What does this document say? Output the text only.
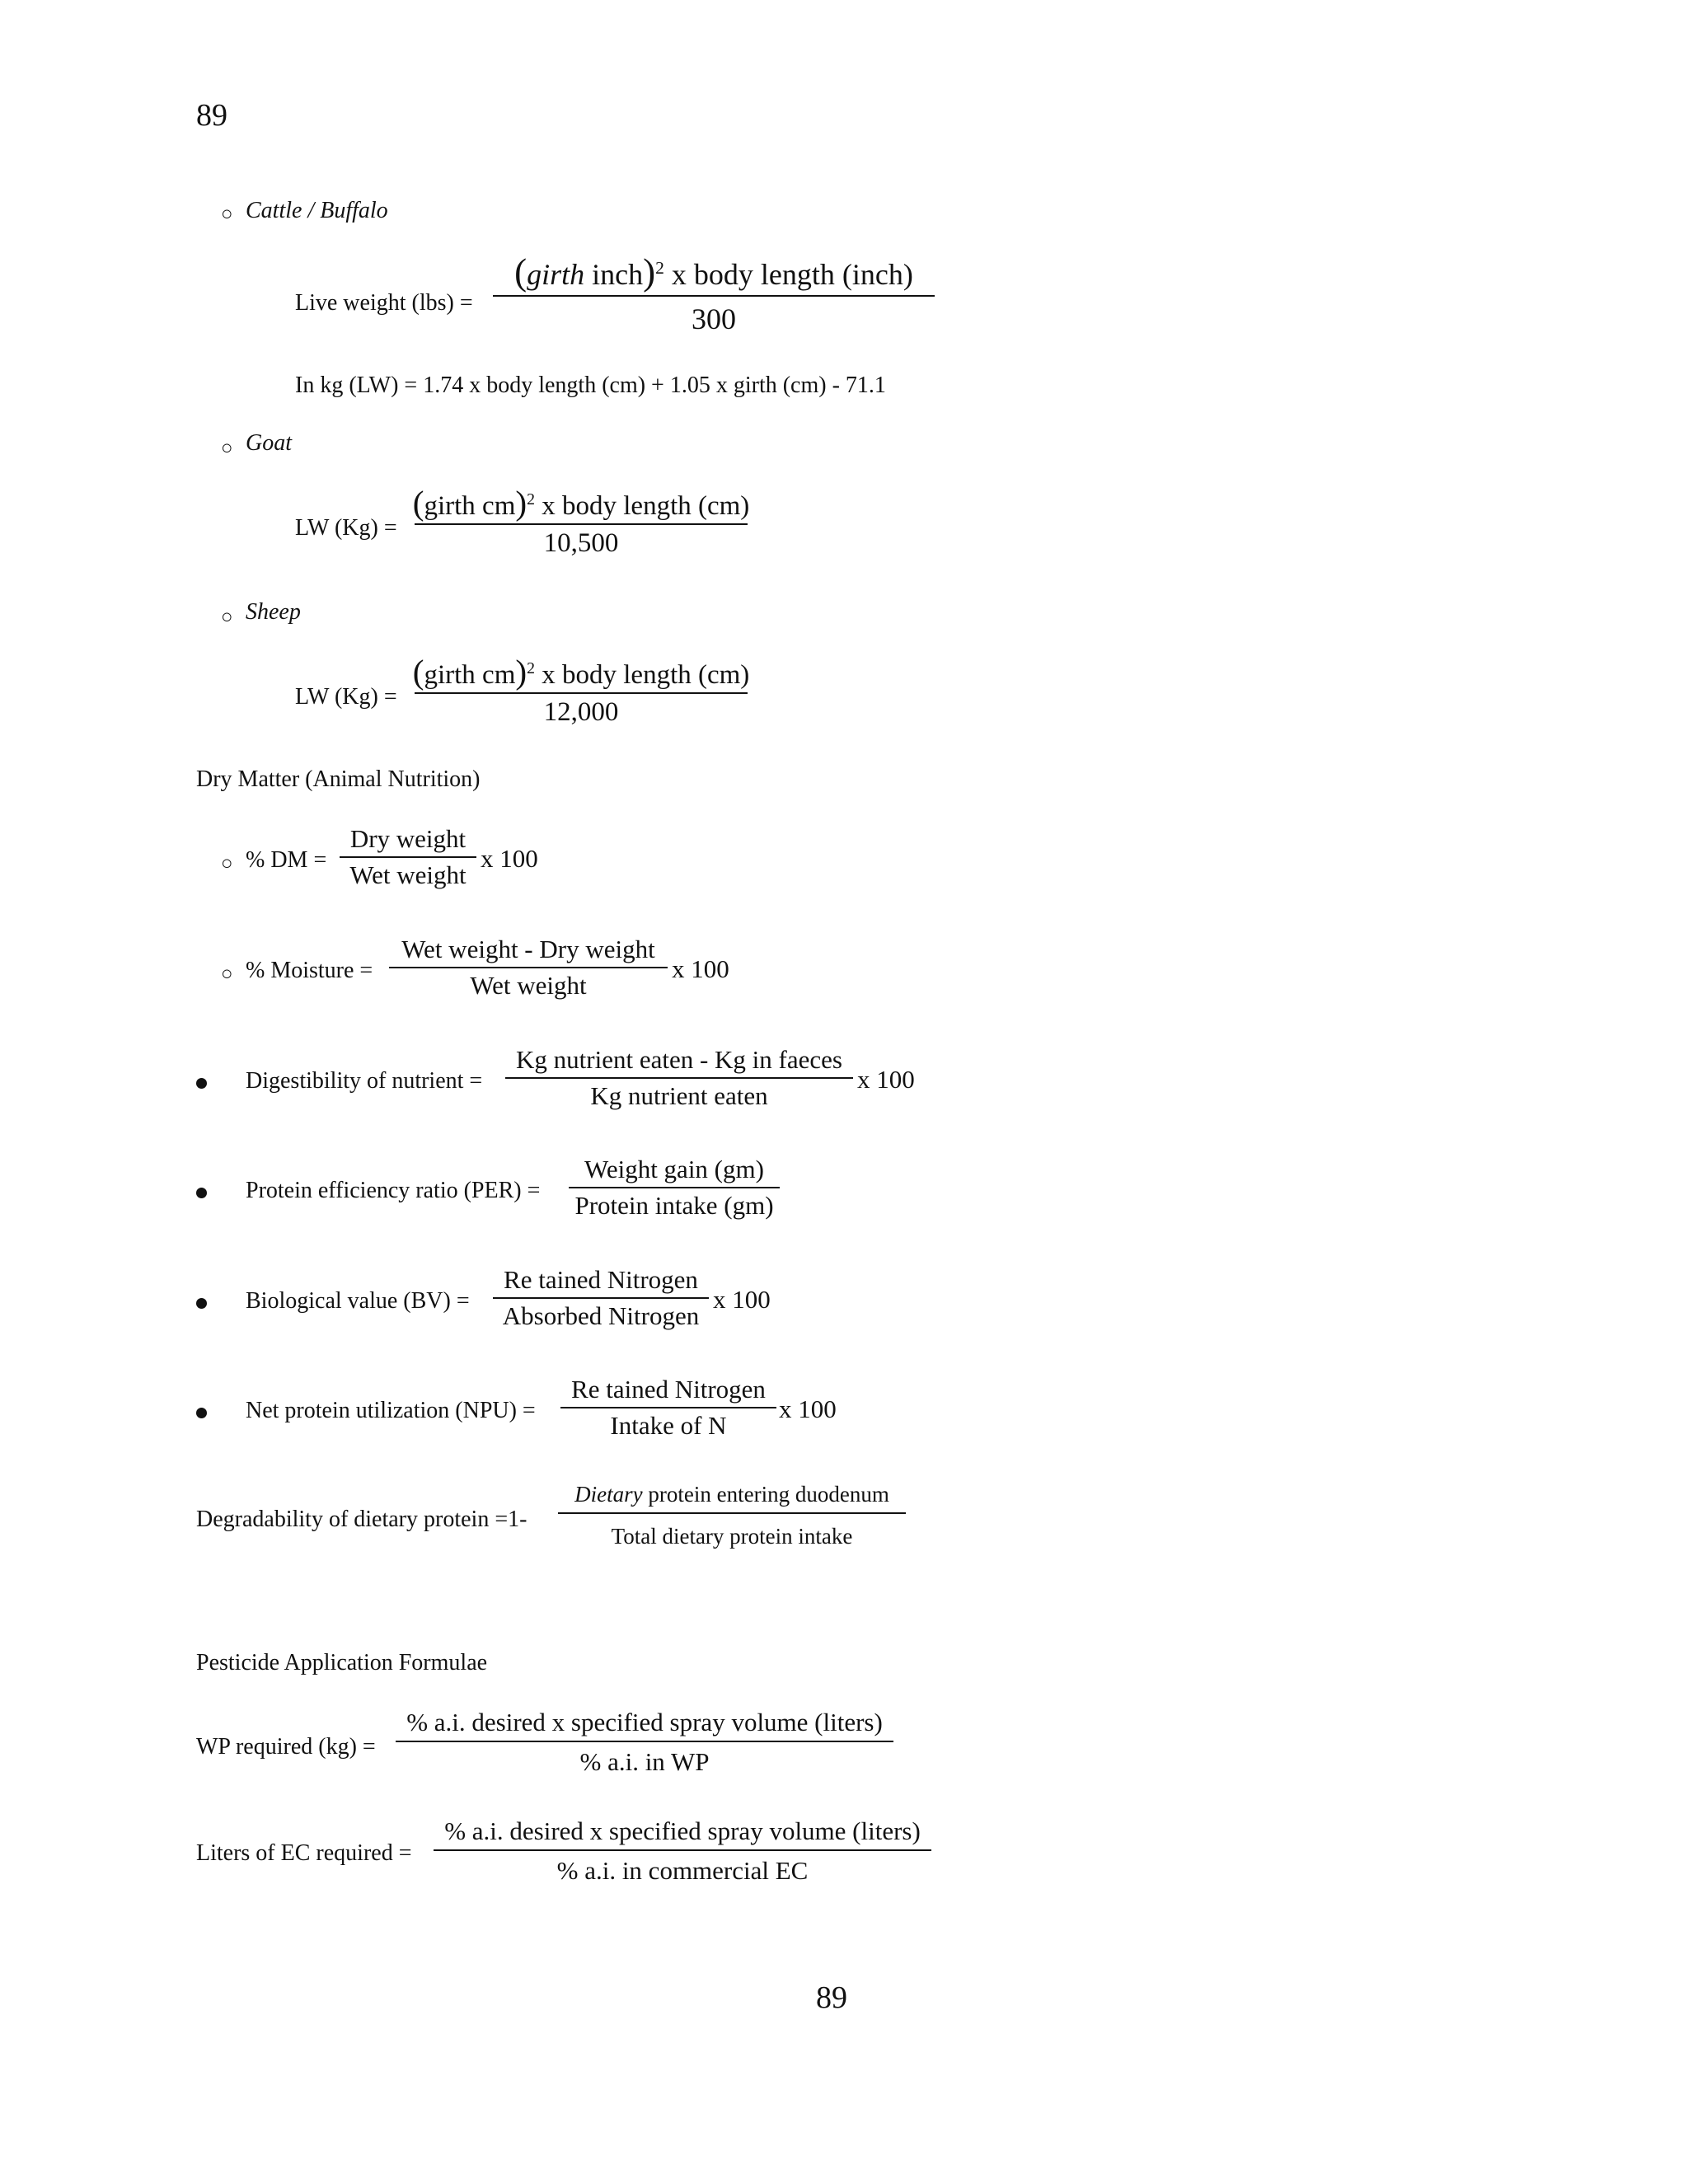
89
○ Cattle / Buffalo
Live weight (lbs) =
(girth inch)$^2$ x body length (inch)
300
In kg (LW) = 1.74 x body length (cm) + 1.05 x girth (cm) - 71.1
○ Goat
LW (Kg) =
(girth cm)$^2$ x body length (cm)
10,500
○ Sheep
LW (Kg) =
(girth cm)$^2$ x body length (cm)
12,000
Dry Matter (Animal Nutrition)
○ % DM =
Dry weight
Wet weight
x 100
○ % Moisture =
Wet weight - Dry weight
Wet weight
x 100
Digestibility of nutrient =
Kg nutrient eaten - Kg in faeces
Kg nutrient eaten
x 100
Protein efficiency ratio (PER) =
Weight gain (gm)
Protein intake (gm)
Biological value (BV) =
Re tained Nitrogen
Absorbed Nitrogen
x 100
Net protein utilization (NPU) =
Re tained Nitrogen
Intake of N
x 100
Degradability of dietary protein =1-
Dietary protein entering duodenum
Total dietary protein intake
Pesticide Application Formulae
WP required (kg) =
% a.i. desired x specified spray volume (liters)
% a.i. in WP
Liters of EC required =
% a.i. desired x specified spray volume (liters)
% a.i. in commercial EC
89
